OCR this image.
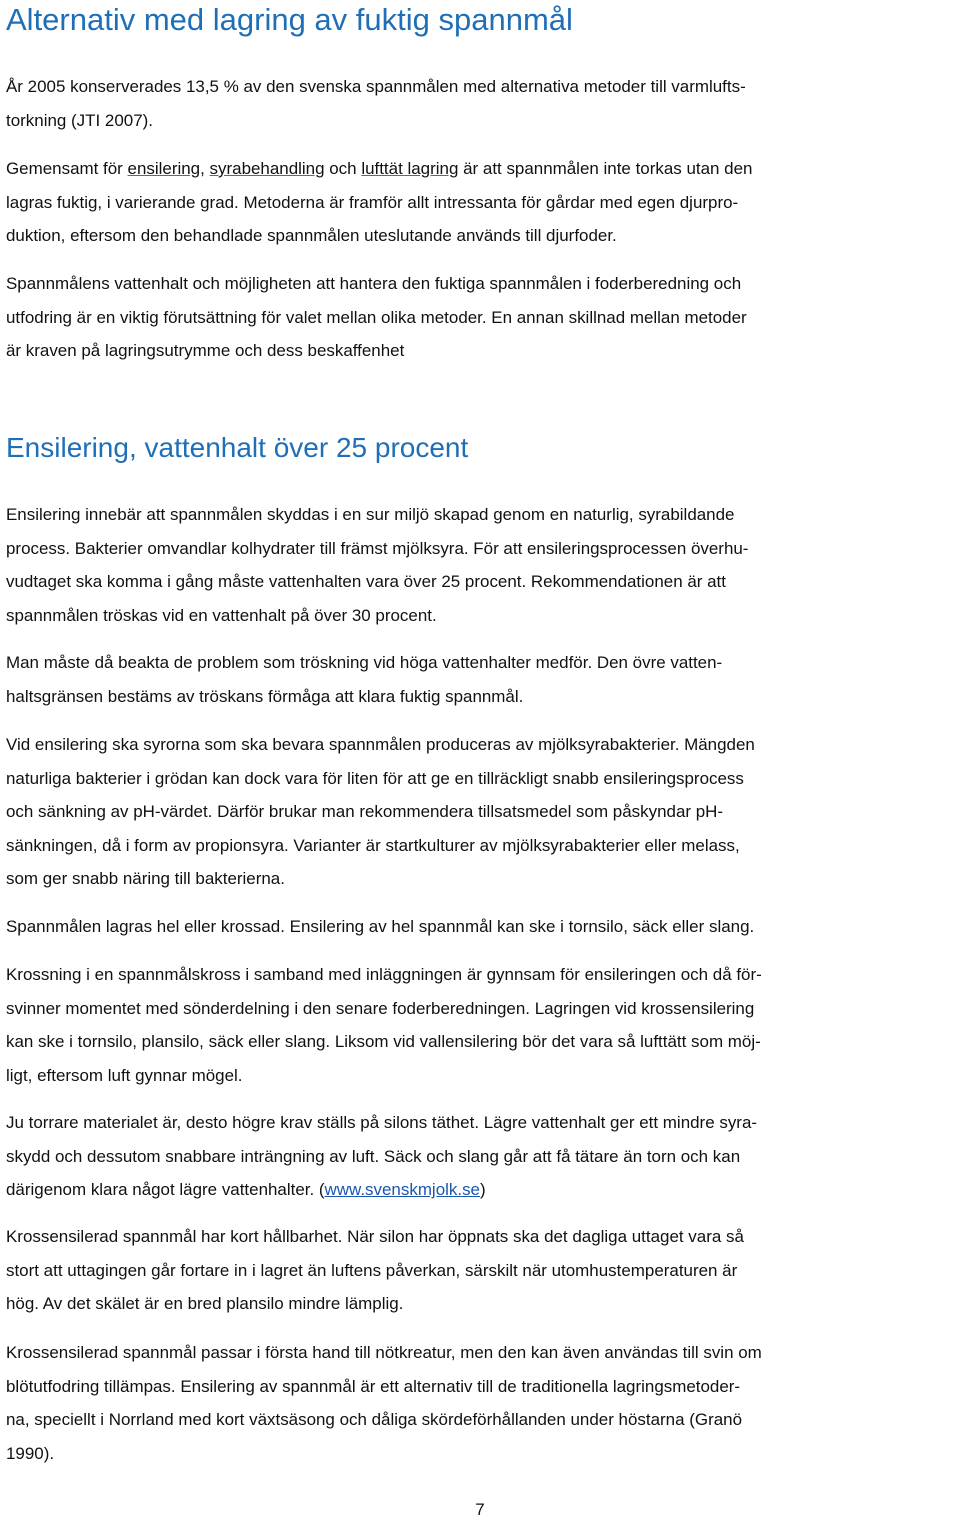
Alternativ med lagring av fuktig spannmål
År 2005 konserverades 13,5 % av den svenska spannmålen med alternativa metoder till varmlufts-
torkning (JTI 2007).
Gemensamt för ensilering, syrabehandling och lufttät lagring är att spannmålen inte torkas utan den
lagras fuktig, i varierande grad. Metoderna är framför allt intressanta för gårdar med egen djurpro-
duktion, eftersom den behandlade spannmålen uteslutande används till djurfoder.
Spannmålens vattenhalt och möjligheten att hantera den fuktiga spannmålen i foderberedning och
utfodring är en viktig förutsättning för valet mellan olika metoder. En annan skillnad mellan metoder
är kraven på lagringsutrymme och dess beskaffenhet
Ensilering, vattenhalt över 25 procent
Ensilering innebär att spannmålen skyddas i en sur miljö skapad genom en naturlig, syrabildande
process. Bakterier omvandlar kolhydrater till främst mjölksyra. För att ensileringsprocessen överhu-
vudtaget ska komma i gång måste vattenhalten vara över 25 procent. Rekommendationen är att
spannmålen tröskas vid en vattenhalt på över 30 procent.
Man måste då beakta de problem som tröskning vid höga vattenhalter medför. Den övre vatten-
haltsgränsen bestäms av tröskans förmåga att klara fuktig spannmål.
Vid ensilering ska syrorna som ska bevara spannmålen produceras av mjölksyrabakterier. Mängden
naturliga bakterier i grödan kan dock vara för liten för att ge en tillräckligt snabb ensileringsprocess
och sänkning av pH-värdet. Därför brukar man rekommendera tillsatsmedel som påskyndar pH-
sänkningen, då i form av propionsyra. Varianter är startkulturer av mjölksyrabakterier eller melass,
som ger snabb näring till bakterierna.
Spannmålen lagras hel eller krossad. Ensilering av hel spannmål kan ske i tornsilo, säck eller slang.
Krossning i en spannmålskross i samband med inläggningen är gynnsam för ensileringen och då för-
svinner momentet med sönderdelning i den senare foderberedningen. Lagringen vid krossensilering
kan ske i tornsilo, plansilo, säck eller slang. Liksom vid vallensilering bör det vara så lufttätt som möj-
ligt, eftersom luft gynnar mögel.
Ju torrare materialet är, desto högre krav ställs på silons täthet. Lägre vattenhalt ger ett mindre syra-
skydd och dessutom snabbare inträngning av luft. Säck och slang går att få tätare än torn och kan
därigenom klara något lägre vattenhalter. (www.svenskmjolk.se)
Krossensilerad spannmål har kort hållbarhet. När silon har öppnats ska det dagliga uttaget vara så
stort att uttagingen går fortare in i lagret än luftens påverkan, särskilt när utomhustemperaturen är
hög. Av det skälet är en bred plansilo mindre lämplig.
Krossensilerad spannmål passar i första hand till nötkreatur, men den kan även användas till svin om
blötutfodring tillämpas. Ensilering av spannmål är ett alternativ till de traditionella lagringsmetoder-
na, speciellt i Norrland med kort växtsäsong och dåliga skördeförhållanden under höstarna (Granö
1990).
7
